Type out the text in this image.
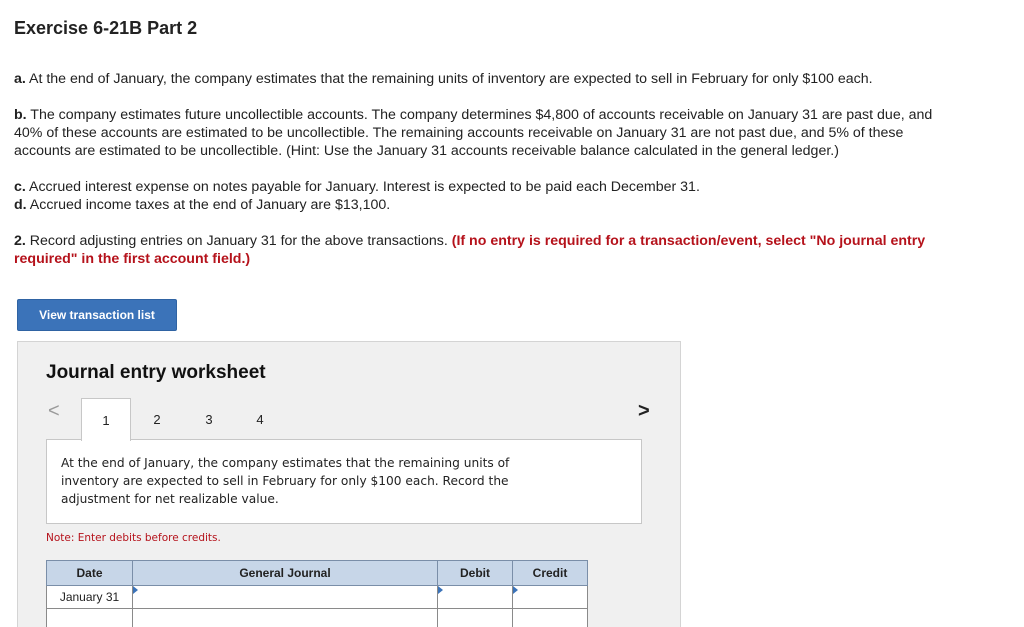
Exercise 6-21B Part 2
a. At the end of January, the company estimates that the remaining units of inventory are expected to sell in February for only $100 each.
b. The company estimates future uncollectible accounts. The company determines $4,800 of accounts receivable on January 31 are past due, and 40% of these accounts are estimated to be uncollectible. The remaining accounts receivable on January 31 are not past due, and 5% of these accounts are estimated to be uncollectible. (Hint: Use the January 31 accounts receivable balance calculated in the general ledger.)
c. Accrued interest expense on notes payable for January. Interest is expected to be paid each December 31.
d. Accrued income taxes at the end of January are $13,100.
2. Record adjusting entries on January 31 for the above transactions. (If no entry is required for a transaction/event, select "No journal entry required" in the first account field.)
View transaction list
Journal entry worksheet
<	1	2	3	4	>
At the end of January, the company estimates that the remaining units of inventory are expected to sell in February for only $100 each. Record the adjustment for net realizable value.
Note: Enter debits before credits.
Date	General Journal	Debit	Credit
January 31	
